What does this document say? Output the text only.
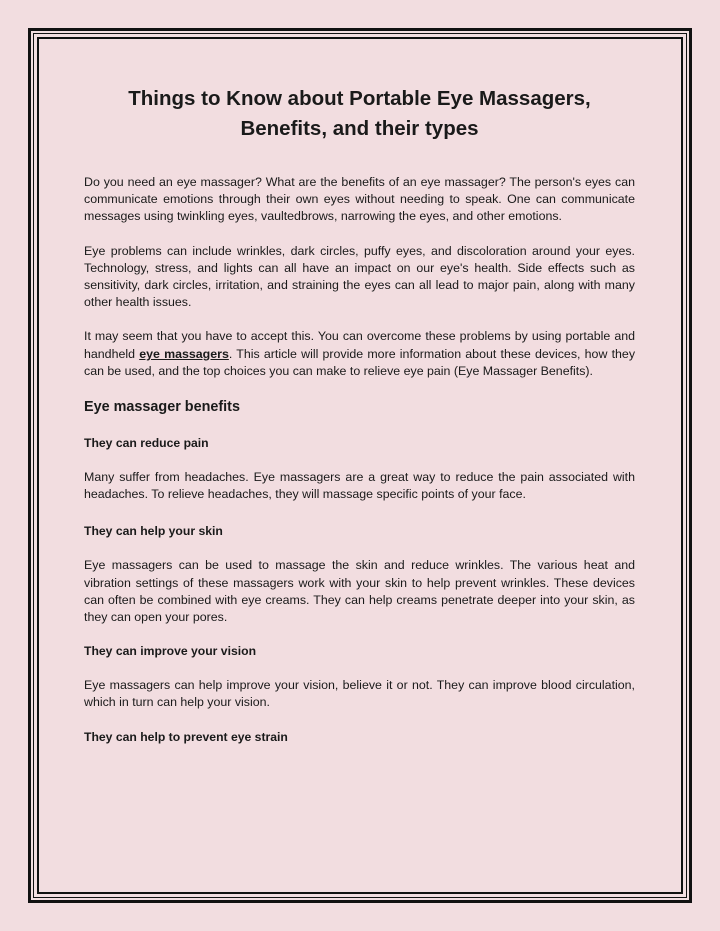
Things to Know about Portable Eye Massagers, Benefits, and their types

Do you need an eye massager? What are the benefits of an eye massager? The person's eyes can communicate emotions through their own eyes without needing to speak. One can communicate messages using twinkling eyes, vaultedbrows, narrowing the eyes, and other emotions.

Eye problems can include wrinkles, dark circles, puffy eyes, and discoloration around your eyes. Technology, stress, and lights can all have an impact on our eye's health. Side effects such as sensitivity, dark circles, irritation, and straining the eyes can all lead to major pain, along with many other health issues.

It may seem that you have to accept this. You can overcome these problems by using portable and handheld eye massagers. This article will provide more information about these devices, how they can be used, and the top choices you can make to relieve eye pain (Eye Massager Benefits).

Eye massager benefits
They can reduce pain

Many suffer from headaches. Eye massagers are a great way to reduce the pain associated with headaches. To relieve headaches, they will massage specific points of your face.

They can help your skin

Eye massagers can be used to massage the skin and reduce wrinkles. The various heat and vibration settings of these massagers work with your skin to help prevent wrinkles. These devices can often be combined with eye creams. They can help creams penetrate deeper into your skin, as they can open your pores.

They can improve your vision

Eye massagers can help improve your vision, believe it or not. They can improve blood circulation, which in turn can help your vision.

They can help to prevent eye strain
